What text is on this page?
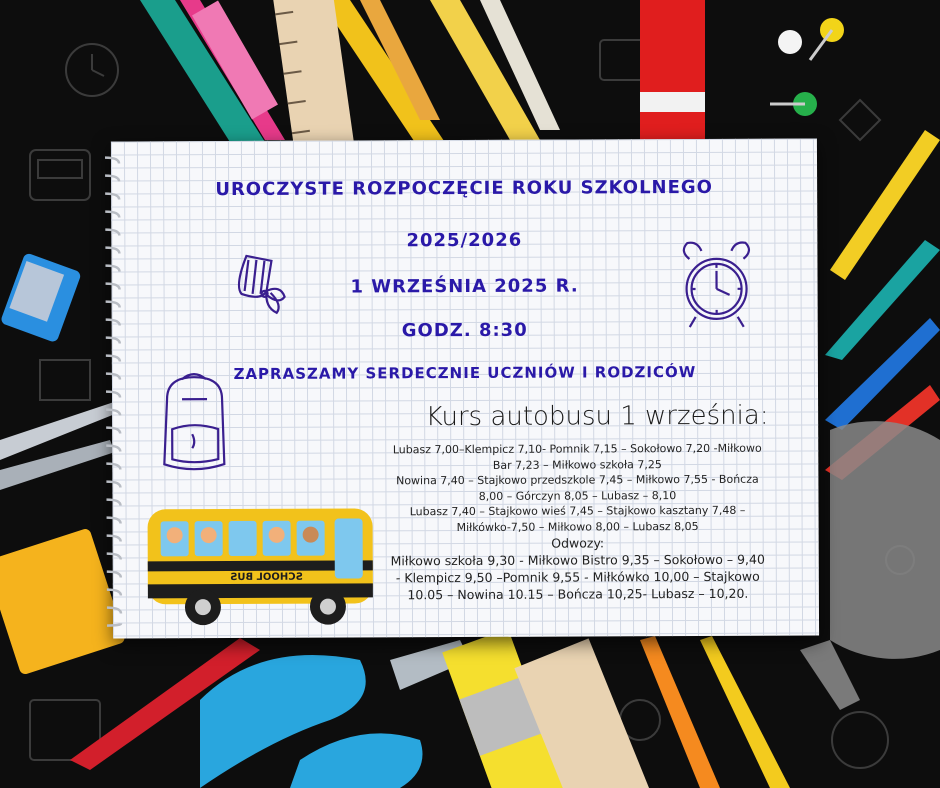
UROCZYSTE ROZPOCZĘCIE ROKU SZKOLNEGO
2025/2026
1 WRZEŚNIA 2025 R.
GODZ. 8:30
ZAPRASZAMY SERDECZNIE UCZNIÓW I RODZICÓW
SCHOOL BUS
Kurs autobusu 1 września:
Lubasz 7,00–Klempicz 7,10- Pomnik 7,15 – Sokołowo 7,20 -Miłkowo
Bar 7,23 – Miłkowo szkoła 7,25
Nowina 7,40 – Stajkowo przedszkole 7,45 – Miłkowo 7,55 - Bończa
8,00 – Górczyn 8,05 – Lubasz – 8,10
Lubasz 7,40 – Stajkowo wieś 7,45 – Stajkowo kasztany 7,48 –
Miłkówko-7,50 – Miłkowo 8,00 – Lubasz 8,05
Odwozy:
Miłkowo szkoła 9,30 - Miłkowo Bistro 9,35 – Sokołowo – 9,40
- Klempicz 9,50 –Pomnik 9,55 - Miłkówko 10,00 – Stajkowo
10.05 – Nowina 10.15 – Bończa 10,25- Lubasz – 10,20.
